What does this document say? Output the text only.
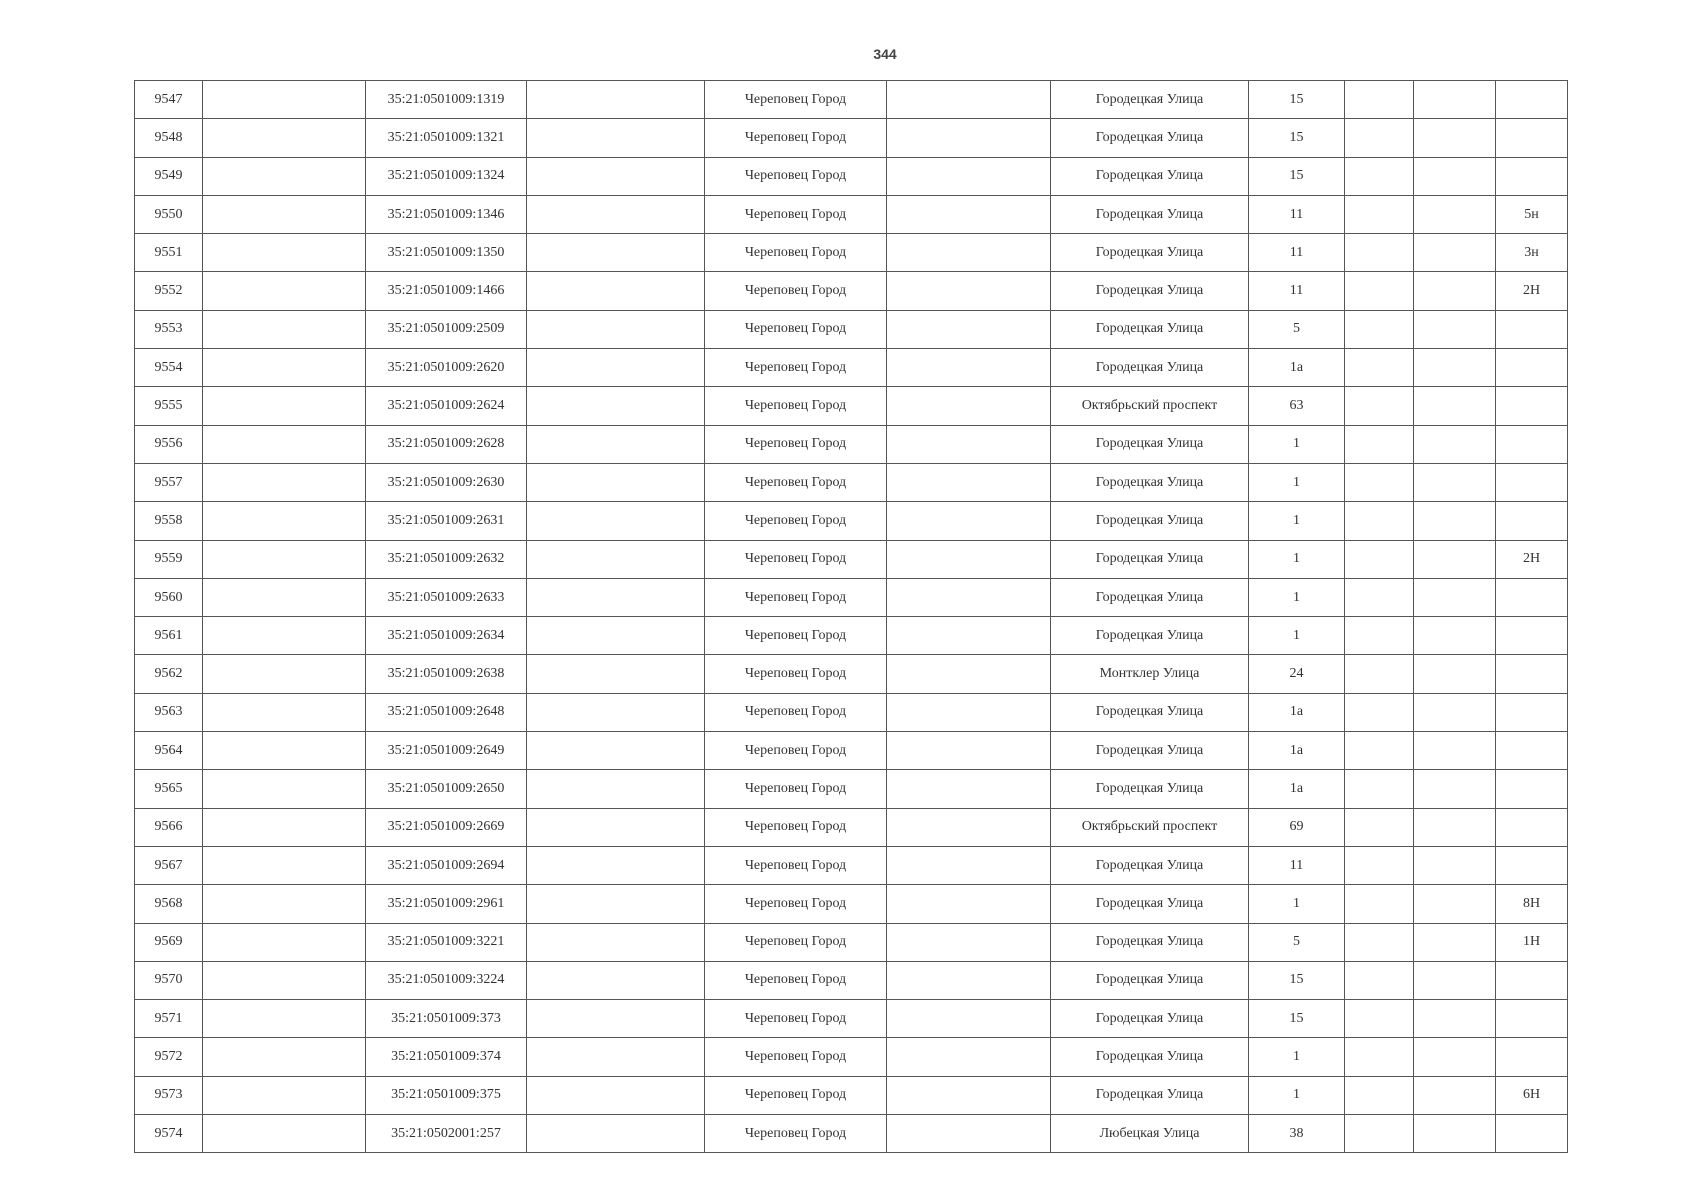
344
9547		35:21:0501009:1319		Череповец Город		Городецкая Улица	15			
9548		35:21:0501009:1321		Череповец Город		Городецкая Улица	15			
9549		35:21:0501009:1324		Череповец Город		Городецкая Улица	15			
9550		35:21:0501009:1346		Череповец Город		Городецкая Улица	11			5н
9551		35:21:0501009:1350		Череповец Город		Городецкая Улица	11			3н
9552		35:21:0501009:1466		Череповец Город		Городецкая Улица	11			2Н
9553		35:21:0501009:2509		Череповец Город		Городецкая Улица	5			
9554		35:21:0501009:2620		Череповец Город		Городецкая Улица	1а			
9555		35:21:0501009:2624		Череповец Город		Октябрьский проспект	63			
9556		35:21:0501009:2628		Череповец Город		Городецкая Улица	1			
9557		35:21:0501009:2630		Череповец Город		Городецкая Улица	1			
9558		35:21:0501009:2631		Череповец Город		Городецкая Улица	1			
9559		35:21:0501009:2632		Череповец Город		Городецкая Улица	1			2Н
9560		35:21:0501009:2633		Череповец Город		Городецкая Улица	1			
9561		35:21:0501009:2634		Череповец Город		Городецкая Улица	1			
9562		35:21:0501009:2638		Череповец Город		Монтклер Улица	24			
9563		35:21:0501009:2648		Череповец Город		Городецкая Улица	1а			
9564		35:21:0501009:2649		Череповец Город		Городецкая Улица	1а			
9565		35:21:0501009:2650		Череповец Город		Городецкая Улица	1а			
9566		35:21:0501009:2669		Череповец Город		Октябрьский проспект	69			
9567		35:21:0501009:2694		Череповец Город		Городецкая Улица	11			
9568		35:21:0501009:2961		Череповец Город		Городецкая Улица	1			8Н
9569		35:21:0501009:3221		Череповец Город		Городецкая Улица	5			1Н
9570		35:21:0501009:3224		Череповец Город		Городецкая Улица	15			
9571		35:21:0501009:373		Череповец Город		Городецкая Улица	15			
9572		35:21:0501009:374		Череповец Город		Городецкая Улица	1			
9573		35:21:0501009:375		Череповец Город		Городецкая Улица	1			6Н
9574		35:21:0502001:257		Череповец Город		Любецкая Улица	38			
